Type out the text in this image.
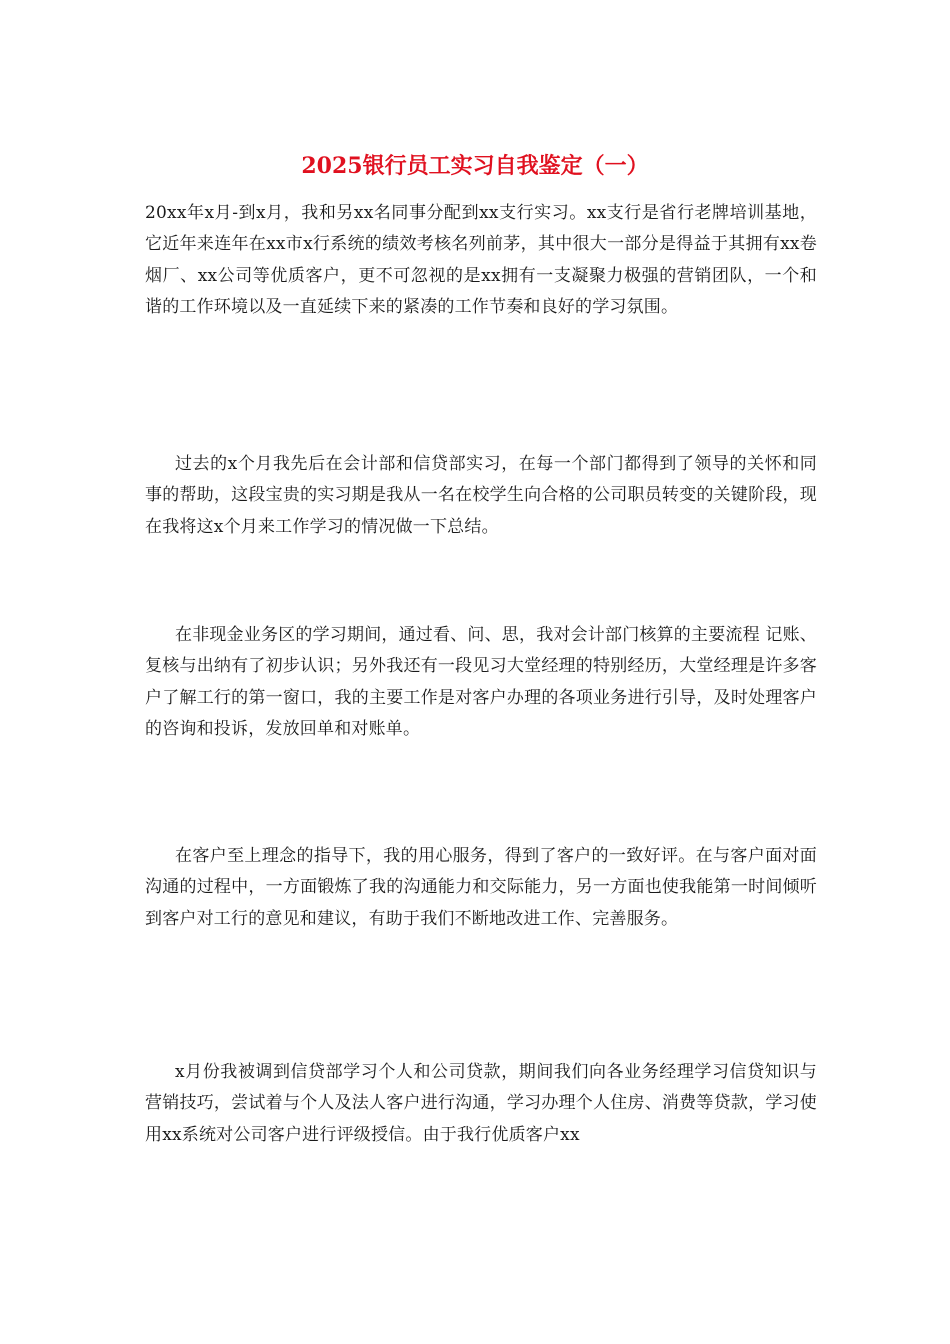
2025银行员工实习自我鉴定（一）

20xx年x月-到x月，我和另xx名同事分配到xx支行实习。xx支行是省行老牌培训基地，它近年来连年在xx市x行系统的绩效考核名列前茅，其中很大一部分是得益于其拥有xx卷烟厂、xx公司等优质客户，更不可忽视的是xx拥有一支凝聚力极强的营销团队，一个和谐的工作环境以及一直延续下来的紧凑的工作节奏和良好的学习氛围。

过去的x个月我先后在会计部和信贷部实习，在每一个部门都得到了领导的关怀和同事的帮助，这段宝贵的实习期是我从一名在校学生向合格的公司职员转变的关键阶段，现在我将这x个月来工作学习的情况做一下总结。

在非现金业务区的学习期间，通过看、问、思，我对会计部门核算的主要流程 记账、复核与出纳有了初步认识；另外我还有一段见习大堂经理的特别经历，大堂经理是许多客户了解工行的第一窗口，我的主要工作是对客户办理的各项业务进行引导，及时处理客户的咨询和投诉，发放回单和对账单。

在客户至上理念的指导下，我的用心服务，得到了客户的一致好评。在与客户面对面沟通的过程中，一方面锻炼了我的沟通能力和交际能力，另一方面也使我能第一时间倾听到客户对工行的意见和建议，有助于我们不断地改进工作、完善服务。

x月份我被调到信贷部学习个人和公司贷款，期间我们向各业务经理学习信贷知识与营销技巧，尝试着与个人及法人客户进行沟通，学习办理个人住房、消费等贷款，学习使用xx系统对公司客户进行评级授信。由于我行优质客户xx
